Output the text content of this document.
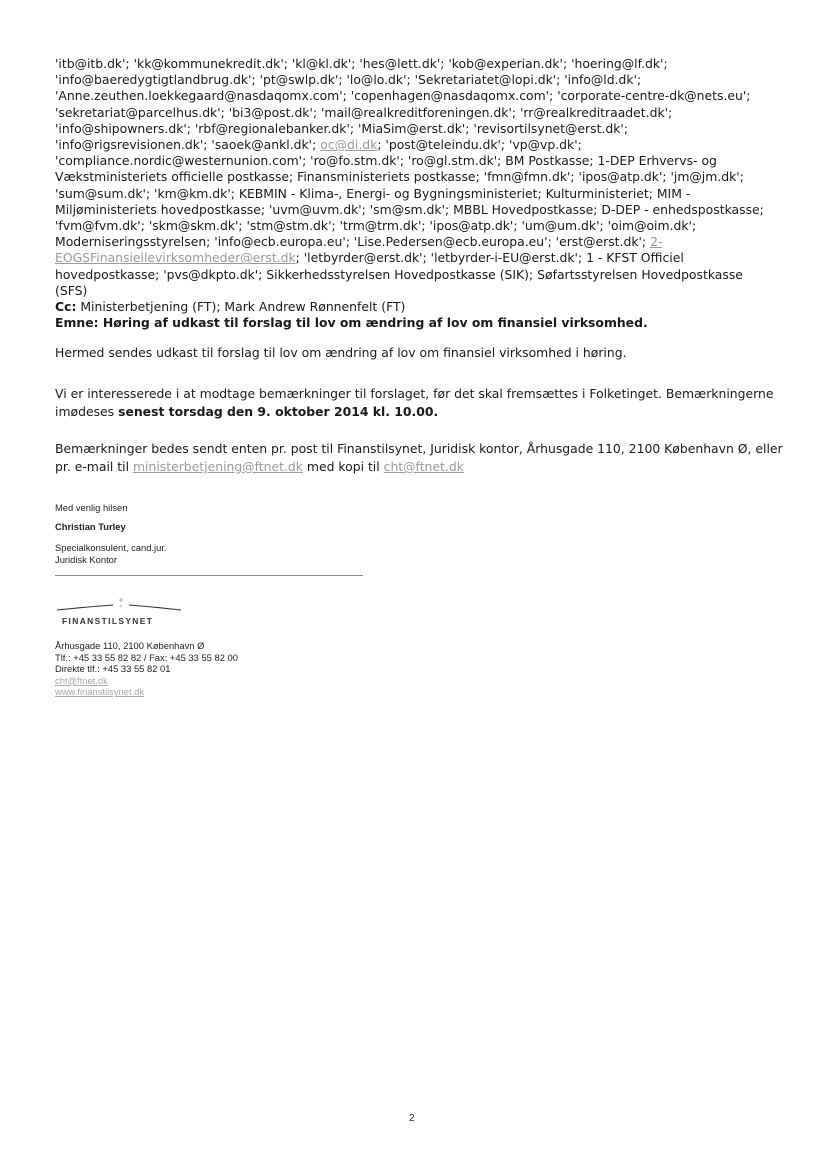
'itb@itb.dk'; 'kk@kommunekredit.dk'; 'kl@kl.dk'; 'hes@lett.dk'; 'kob@experian.dk'; 'hoering@lf.dk'; 'info@baeredygtigtlandbrug.dk'; 'pt@swlp.dk'; 'lo@lo.dk'; 'Sekretariatet@lopi.dk'; 'info@ld.dk'; 'Anne.zeuthen.loekkegaard@nasdaqomx.com'; 'copenhagen@nasdaqomx.com'; 'corporate-centre-dk@nets.eu'; 'sekretariat@parcelhus.dk'; 'bi3@post.dk'; 'mail@realkreditforeningen.dk'; 'rr@realkreditraadet.dk'; 'info@shipowners.dk'; 'rbf@regionalebanker.dk'; 'MiaSim@erst.dk'; 'revisortilsynet@erst.dk'; 'info@rigsrevisionen.dk'; 'saoek@ankl.dk'; oc@di.dk; 'post@teleindu.dk'; 'vp@vp.dk'; 'compliance.nordic@westernunion.com'; 'ro@fo.stm.dk'; 'ro@gl.stm.dk'; BM Postkasse; 1-DEP Erhvervs- og Vækstministeriets officielle postkasse; Finansministeriets postkasse; 'fmn@fmn.dk'; 'ipos@atp.dk'; 'jm@jm.dk'; 'sum@sum.dk'; 'km@km.dk'; KEBMIN - Klima-, Energi- og Bygningsministeriet; Kulturministeriet; MIM - Miljøministeriets hovedpostkasse; 'uvm@uvm.dk'; 'sm@sm.dk'; MBBL Hovedpostkasse; D-DEP - enhedspostkasse; 'fvm@fvm.dk'; 'skm@skm.dk'; 'stm@stm.dk'; 'trm@trm.dk'; 'ipos@atp.dk'; 'um@um.dk'; 'oim@oim.dk'; Moderniseringsstyrelsen; 'info@ecb.europa.eu'; 'Lise.Pedersen@ecb.europa.eu'; 'erst@erst.dk'; 2-EOGSFinansiellevirksomheder@erst.dk; 'letbyrder@erst.dk'; 'letbyrder-i-EU@erst.dk'; 1 - KFST Officiel hovedpostkasse; 'pvs@dkpto.dk'; Sikkerhedsstyrelsen Hovedpostkasse (SIK); Søfartsstyrelsen Hovedpostkasse (SFS)
Cc: Ministerbetjening (FT); Mark Andrew Rønnenfelt (FT)
Emne: Høring af udkast til forslag til lov om ændring af lov om finansiel virksomhed.
Hermed sendes udkast til forslag til lov om ændring af lov om finansiel virksomhed i høring.
Vi er interesserede i at modtage bemærkninger til forslaget, før det skal fremsættes i Folketinget. Bemærkningerne imødeses senest torsdag den 9. oktober 2014 kl. 10.00.
Bemærkninger bedes sendt enten pr. post til Finanstilsynet, Juridisk kontor, Århusgade 110, 2100 København Ø, eller pr. e-mail til ministerbetjening@ftnet.dk med kopi til cht@ftnet.dk
Med venlig hilsen
Christian Turley
Specialkonsulent, cand.jur.
Juridisk Kontor
FINANSTILSYNET
Århusgade 110, 2100 København Ø
Tlf.: +45 33 55 82 82 / Fax: +45 33 55 82 00
Direkte tlf.: +45 33 55 82 01
cht@ftnet.dk
www.finanstilsynet.dk
2
